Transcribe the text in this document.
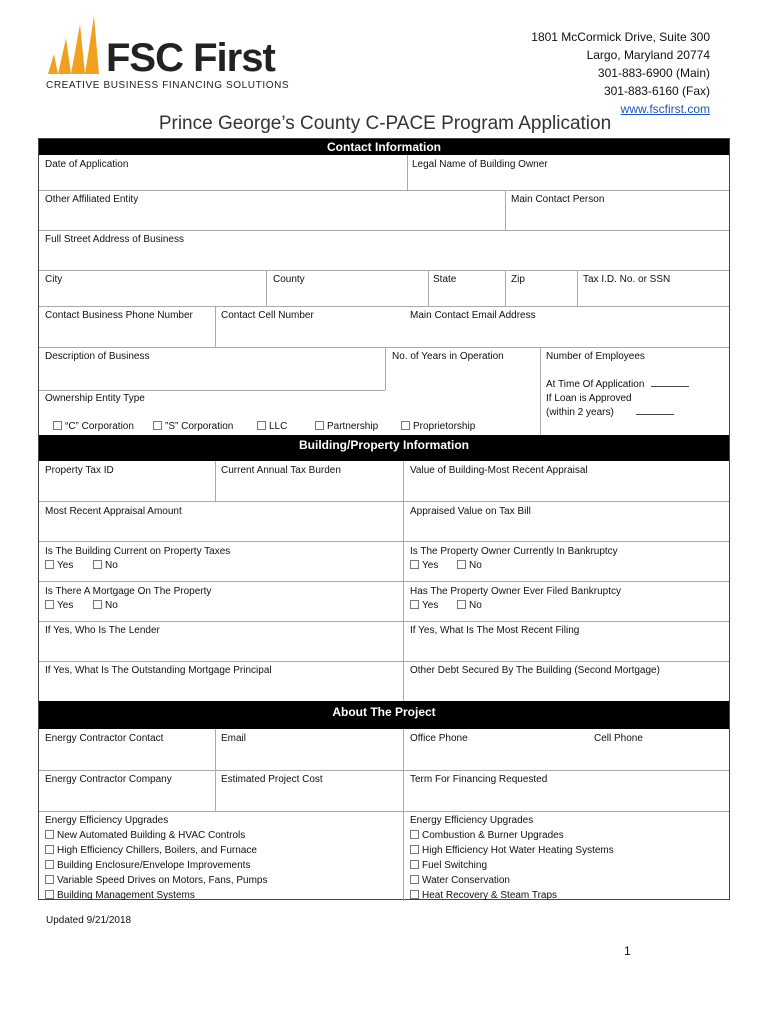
FSC First
CREATIVE BUSINESS FINANCING SOLUTIONS
1801 McCormick Drive, Suite 300
Largo, Maryland 20774
301-883-6900 (Main)
301-883-6160 (Fax)
www.fscfirst.com
Prince George’s County C-PACE Program Application
Contact Information
Date of Application	Legal Name of Building Owner
Other Affiliated Entity	Main Contact Person
Full Street Address of Business
City	County	State	Zip	Tax I.D. No. or SSN
Contact Business Phone Number	Contact Cell Number	Main Contact Email Address
Description of Business	No. of Years in Operation	Number of Employees
Ownership Entity Type
At Time Of Application
If Loan is Approved
(within 2 years)
“C” Corporation	”S” Corporation	LLC	Partnership	Proprietorship
Building/Property Information
Property Tax ID	Current Annual Tax Burden	Value of Building-Most Recent Appraisal
Most Recent Appraisal Amount	Appraised Value on Tax Bill
Is The Building Current on Property Taxes
Yes	No
Is The Property Owner Currently In Bankruptcy
Yes	No
Is There A Mortgage On The Property
Yes	No
Has The Property Owner Ever Filed Bankruptcy
Yes	No
If Yes, Who Is The Lender	If Yes, What Is The Most Recent Filing
If Yes, What Is The Outstanding Mortgage Principal	Other Debt Secured By The Building (Second Mortgage)
About The Project
Energy Contractor Contact	Email	Office Phone	Cell Phone
Energy Contractor Company	Estimated Project Cost	Term For Financing Requested
Energy Efficiency Upgrades
New Automated Building & HVAC Controls
High Efficiency Chillers, Boilers, and Furnace
Building Enclosure/Envelope Improvements
Variable Speed Drives on Motors, Fans, Pumps
Building Management Systems
Energy Efficiency Upgrades
Combustion & Burner Upgrades
High Efficiency Hot Water Heating Systems
Fuel Switching
Water Conservation
Heat Recovery & Steam Traps
Updated 9/21/2018
1
